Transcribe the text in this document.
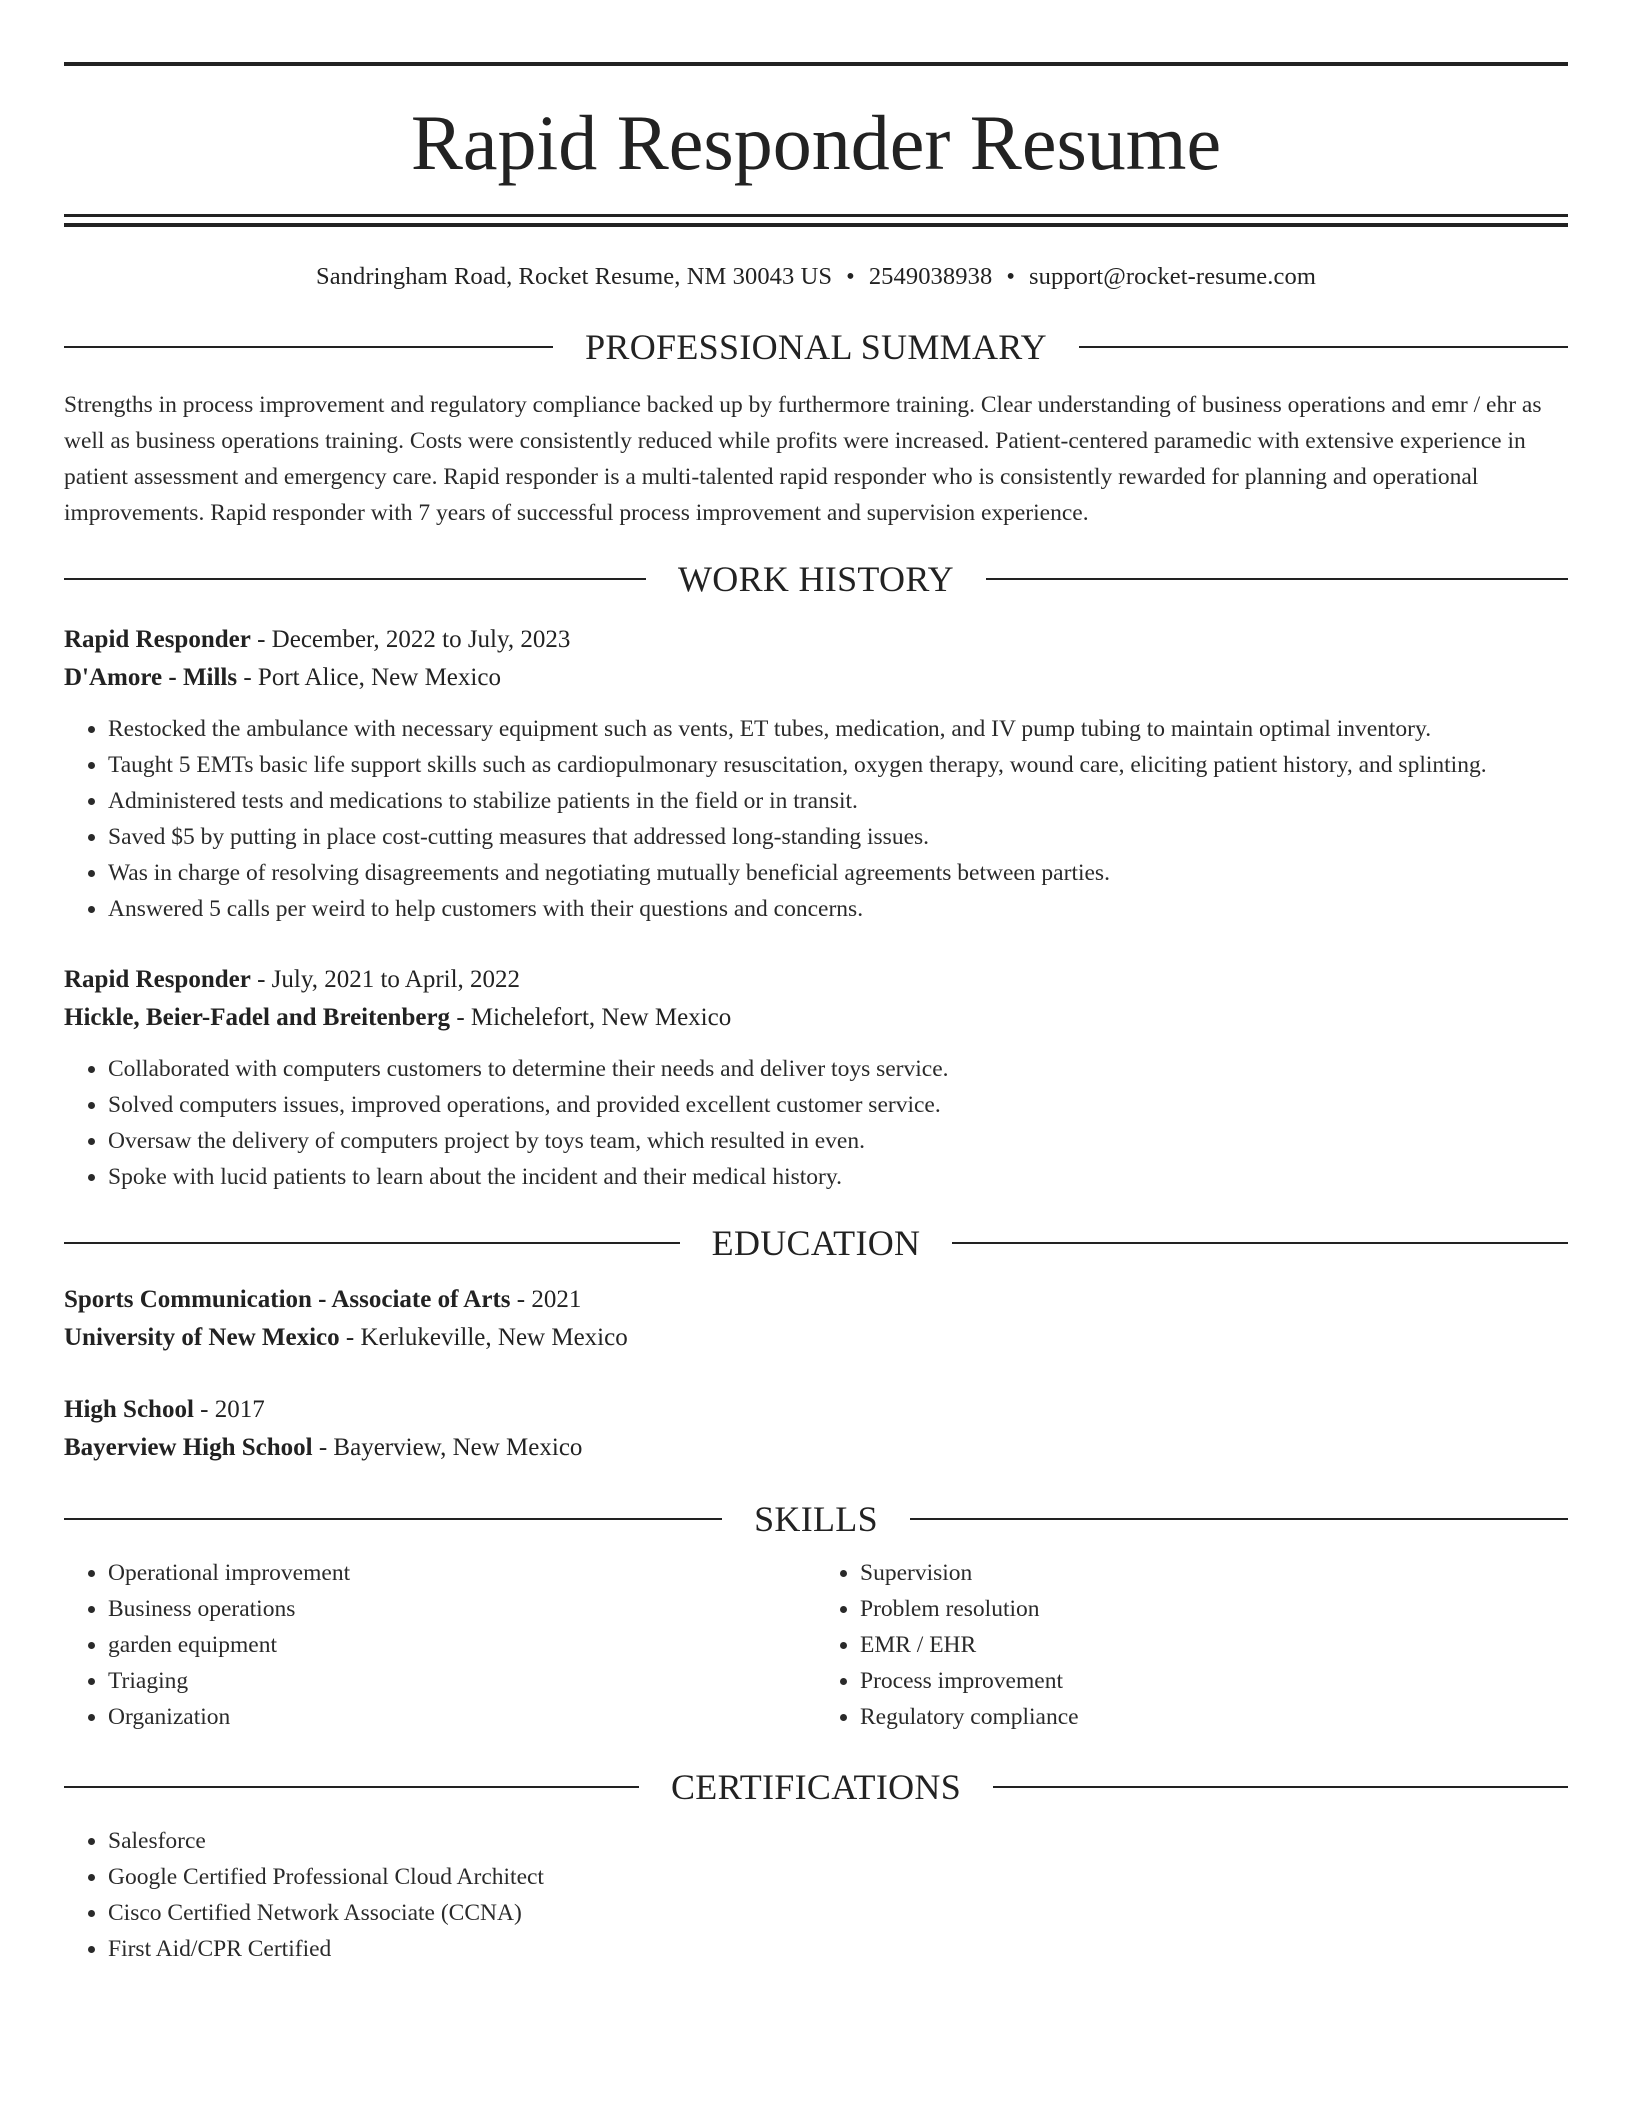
Rapid Responder Resume
Sandringham Road, Rocket Resume, NM 30043 US • 2549038938 • support@rocket-resume.com
PROFESSIONAL SUMMARY
Strengths in process improvement and regulatory compliance backed up by furthermore training. Clear understanding of business operations and emr / ehr as well as business operations training. Costs were consistently reduced while profits were increased. Patient-centered paramedic with extensive experience in patient assessment and emergency care. Rapid responder is a multi-talented rapid responder who is consistently rewarded for planning and operational improvements. Rapid responder with 7 years of successful process improvement and supervision experience.
WORK HISTORY
Rapid Responder - December, 2022 to July, 2023
D'Amore - Mills - Port Alice, New Mexico
• Restocked the ambulance with necessary equipment such as vents, ET tubes, medication, and IV pump tubing to maintain optimal inventory.
• Taught 5 EMTs basic life support skills such as cardiopulmonary resuscitation, oxygen therapy, wound care, eliciting patient history, and splinting.
• Administered tests and medications to stabilize patients in the field or in transit.
• Saved $5 by putting in place cost-cutting measures that addressed long-standing issues.
• Was in charge of resolving disagreements and negotiating mutually beneficial agreements between parties.
• Answered 5 calls per weird to help customers with their questions and concerns.
Rapid Responder - July, 2021 to April, 2022
Hickle, Beier-Fadel and Breitenberg - Michelefort, New Mexico
• Collaborated with computers customers to determine their needs and deliver toys service.
• Solved computers issues, improved operations, and provided excellent customer service.
• Oversaw the delivery of computers project by toys team, which resulted in even.
• Spoke with lucid patients to learn about the incident and their medical history.
EDUCATION
Sports Communication - Associate of Arts - 2021
University of New Mexico - Kerlukeville, New Mexico
High School - 2017
Bayerview High School - Bayerview, New Mexico
SKILLS
• Operational improvement
• Business operations
• garden equipment
• Triaging
• Organization
• Supervision
• Problem resolution
• EMR / EHR
• Process improvement
• Regulatory compliance
CERTIFICATIONS
• Salesforce
• Google Certified Professional Cloud Architect
• Cisco Certified Network Associate (CCNA)
• First Aid/CPR Certified
